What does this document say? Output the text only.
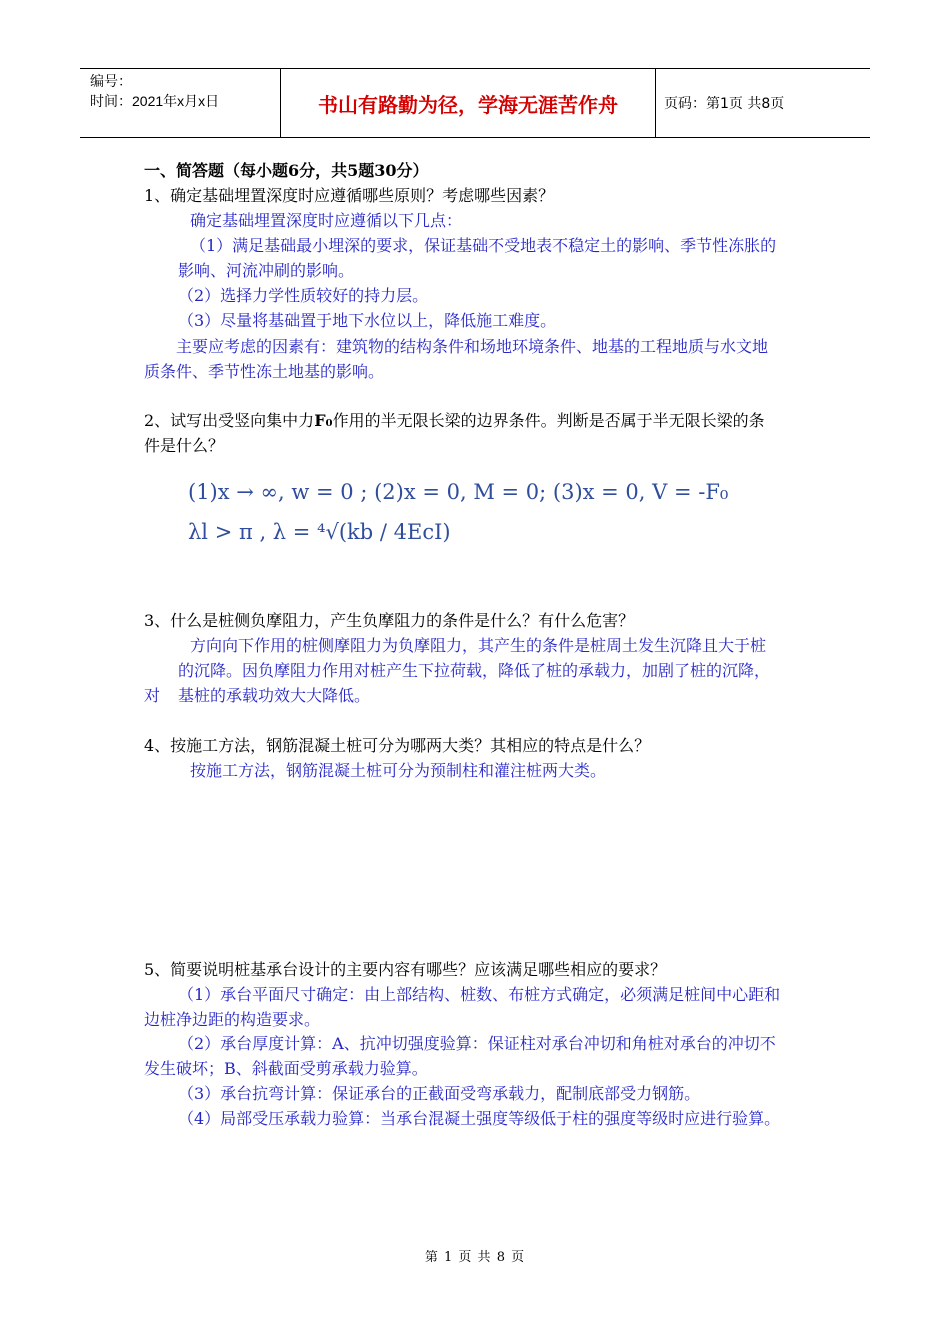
编号：
时间：2021年x月x日	书山有路勤为径，学海无涯苦作舟	页码：第1页 共8页
一、简答题（每小题6分，共5题30分）
1、确定基础埋置深度时应遵循哪些原则？考虑哪些因素？
确定基础埋置深度时应遵循以下几点：
（1）满足基础最小埋深的要求，保证基础不受地表不稳定土的影响、季节性冻胀的
影响、河流冲刷的影响。
（2）选择力学性质较好的持力层。
（3）尽量将基础置于地下水位以上，降低施工难度。
主要应考虑的因素有：建筑物的结构条件和场地环境条件、地基的工程地质与水文地
质条件、季节性冻土地基的影响。
2、试写出受竖向集中力F₀作用的半无限长梁的边界条件。判断是否属于半无限长梁的条
件是什么？
(1)x → ∞, w = 0 ; (2)x = 0, M = 0; (3)x = 0, V = -F₀
λl > π , λ = ⁴√(kb / 4EcI)
3、什么是桩侧负摩阻力，产生负摩阻力的条件是什么？有什么危害？
方向向下作用的桩侧摩阻力为负摩阻力，其产生的条件是桩周土发生沉降且大于桩
的沉降。因负摩阻力作用对桩产生下拉荷载，降低了桩的承载力，加剧了桩的沉降，
对 基桩的承载功效大大降低。
4、按施工方法，钢筋混凝土桩可分为哪两大类？其相应的特点是什么？
按施工方法，钢筋混凝土桩可分为预制柱和灌注桩两大类。
5、简要说明桩基承台设计的主要内容有哪些？应该满足哪些相应的要求？
（1）承台平面尺寸确定：由上部结构、桩数、布桩方式确定，必须满足桩间中心距和
边桩净边距的构造要求。
（2）承台厚度计算：A、抗冲切强度验算：保证柱对承台冲切和角桩对承台的冲切不
发生破坏；B、斜截面受剪承载力验算。
（3）承台抗弯计算：保证承台的正截面受弯承载力，配制底部受力钢筋。
（4）局部受压承载力验算：当承台混凝土强度等级低于柱的强度等级时应进行验算。
第 1 页 共 8 页
